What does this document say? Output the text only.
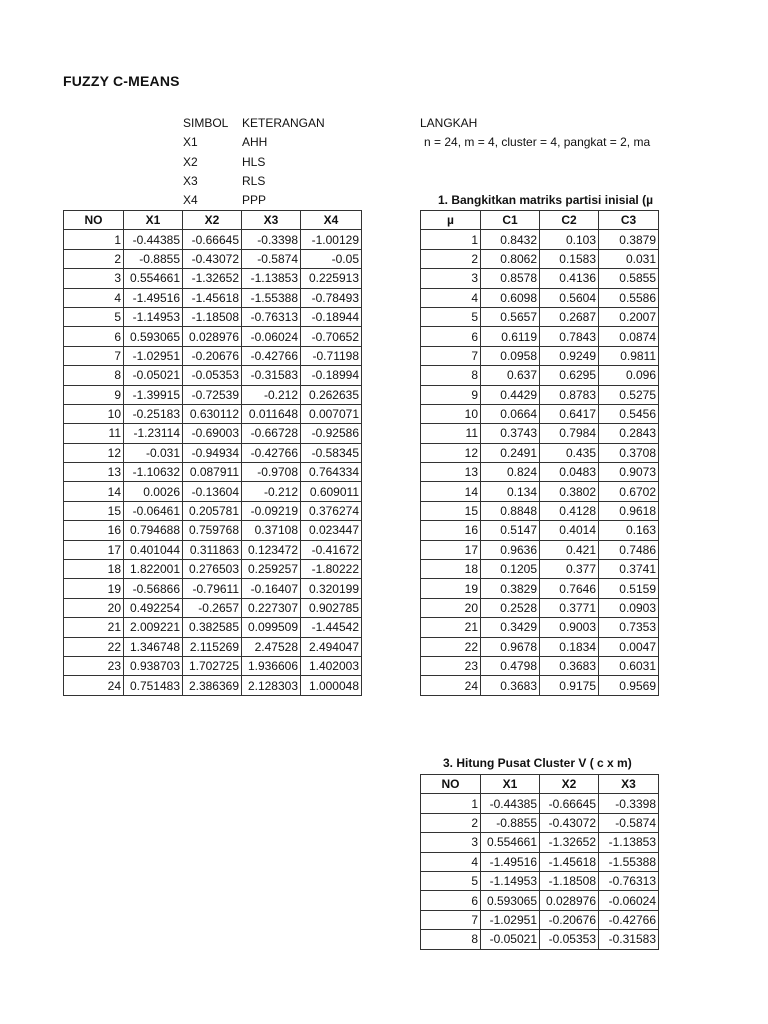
FUZZY C-MEANS
SIMBOL KETERANGAN
X1	AHH
X2	HLS
X3	RLS
X4	PPP
LANGKAH
n = 24, m = 4, cluster = 4, pangkat = 2, ma
1. Bangkitkan matriks partisi inisial (µ
3. Hitung Pusat Cluster V ( c x m)
NO	X1	X2	X3	X4
1	-0.44385	-0.66645	-0.3398	-1.00129
2	-0.8855	-0.43072	-0.5874	-0.05
3	0.554661	-1.32652	-1.13853	0.225913
4	-1.49516	-1.45618	-1.55388	-0.78493
5	-1.14953	-1.18508	-0.76313	-0.18944
6	0.593065	0.028976	-0.06024	-0.70652
7	-1.02951	-0.20676	-0.42766	-0.71198
8	-0.05021	-0.05353	-0.31583	-0.18994
9	-1.39915	-0.72539	-0.212	0.262635
10	-0.25183	0.630112	0.011648	0.007071
11	-1.23114	-0.69003	-0.66728	-0.92586
12	-0.031	-0.94934	-0.42766	-0.58345
13	-1.10632	0.087911	-0.9708	0.764334
14	0.0026	-0.13604	-0.212	0.609011
15	-0.06461	0.205781	-0.09219	0.376274
16	0.794688	0.759768	0.37108	0.023447
17	0.401044	0.311863	0.123472	-0.41672
18	1.822001	0.276503	0.259257	-1.80222
19	-0.56866	-0.79611	-0.16407	0.320199
20	0.492254	-0.2657	0.227307	0.902785
21	2.009221	0.382585	0.099509	-1.44542
22	1.346748	2.115269	2.47528	2.494047
23	0.938703	1.702725	1.936606	1.402003
24	0.751483	2.386369	2.128303	1.000048
µ	C1	C2	C3
1	0.8432	0.103	0.3879
2	0.8062	0.1583	0.031
3	0.8578	0.4136	0.5855
4	0.6098	0.5604	0.5586
5	0.5657	0.2687	0.2007
6	0.6119	0.7843	0.0874
7	0.0958	0.9249	0.9811
8	0.637	0.6295	0.096
9	0.4429	0.8783	0.5275
10	0.0664	0.6417	0.5456
11	0.3743	0.7984	0.2843
12	0.2491	0.435	0.3708
13	0.824	0.0483	0.9073
14	0.134	0.3802	0.6702
15	0.8848	0.4128	0.9618
16	0.5147	0.4014	0.163
17	0.9636	0.421	0.7486
18	0.1205	0.377	0.3741
19	0.3829	0.7646	0.5159
20	0.2528	0.3771	0.0903
21	0.3429	0.9003	0.7353
22	0.9678	0.1834	0.0047
23	0.4798	0.3683	0.6031
24	0.3683	0.9175	0.9569
NO	X1	X2	X3
1	-0.44385	-0.66645	-0.3398
2	-0.8855	-0.43072	-0.5874
3	0.554661	-1.32652	-1.13853
4	-1.49516	-1.45618	-1.55388
5	-1.14953	-1.18508	-0.76313
6	0.593065	0.028976	-0.06024
7	-1.02951	-0.20676	-0.42766
8	-0.05021	-0.05353	-0.31583
